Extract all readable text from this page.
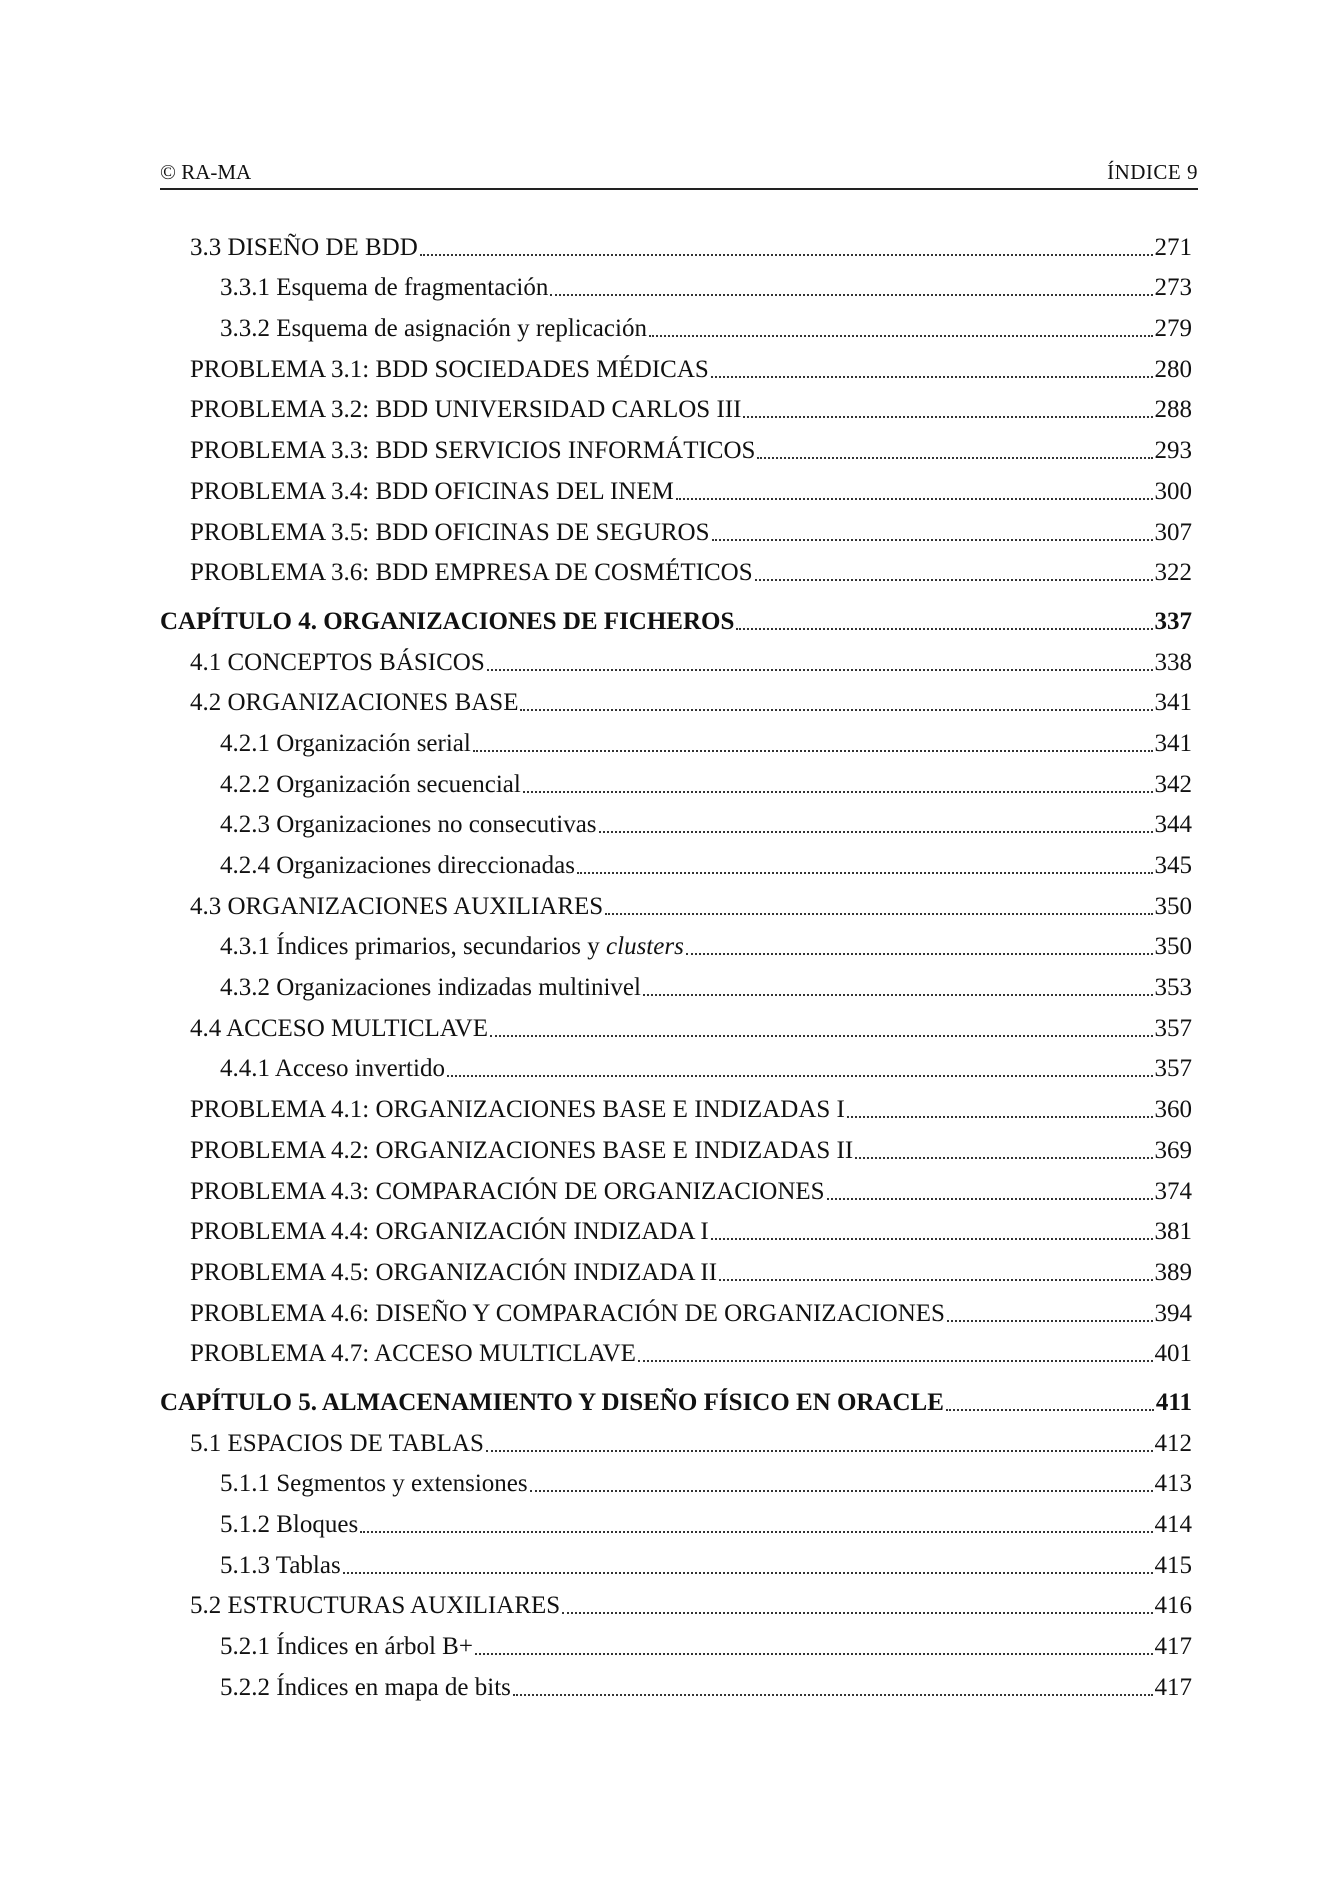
© RA-MA	ÍNDICE 9
3.3 DISEÑO DE BDD	271
3.3.1 Esquema de fragmentación	273
3.3.2 Esquema de asignación y replicación	279
PROBLEMA 3.1: BDD SOCIEDADES MÉDICAS	280
PROBLEMA 3.2: BDD UNIVERSIDAD CARLOS III	288
PROBLEMA 3.3: BDD SERVICIOS INFORMÁTICOS	293
PROBLEMA 3.4: BDD OFICINAS DEL INEM	300
PROBLEMA 3.5: BDD OFICINAS DE SEGUROS	307
PROBLEMA 3.6: BDD EMPRESA DE COSMÉTICOS	322
CAPÍTULO 4. ORGANIZACIONES DE FICHEROS	337
4.1 CONCEPTOS BÁSICOS	338
4.2 ORGANIZACIONES BASE	341
4.2.1 Organización serial	341
4.2.2 Organización secuencial	342
4.2.3 Organizaciones no consecutivas	344
4.2.4 Organizaciones direccionadas	345
4.3 ORGANIZACIONES AUXILIARES	350
4.3.1 Índices primarios, secundarios y clusters	350
4.3.2 Organizaciones indizadas multinivel	353
4.4 ACCESO MULTICLAVE	357
4.4.1 Acceso invertido	357
PROBLEMA 4.1: ORGANIZACIONES BASE E INDIZADAS I	360
PROBLEMA 4.2: ORGANIZACIONES BASE E INDIZADAS II	369
PROBLEMA 4.3: COMPARACIÓN DE ORGANIZACIONES	374
PROBLEMA 4.4: ORGANIZACIÓN INDIZADA I	381
PROBLEMA 4.5: ORGANIZACIÓN INDIZADA II	389
PROBLEMA 4.6: DISEÑO Y COMPARACIÓN DE ORGANIZACIONES	394
PROBLEMA 4.7: ACCESO MULTICLAVE	401
CAPÍTULO 5. ALMACENAMIENTO Y DISEÑO FÍSICO EN ORACLE	411
5.1 ESPACIOS DE TABLAS	412
5.1.1 Segmentos y extensiones	413
5.1.2 Bloques	414
5.1.3 Tablas	415
5.2 ESTRUCTURAS AUXILIARES	416
5.2.1 Índices en árbol B+	417
5.2.2 Índices en mapa de bits	417
